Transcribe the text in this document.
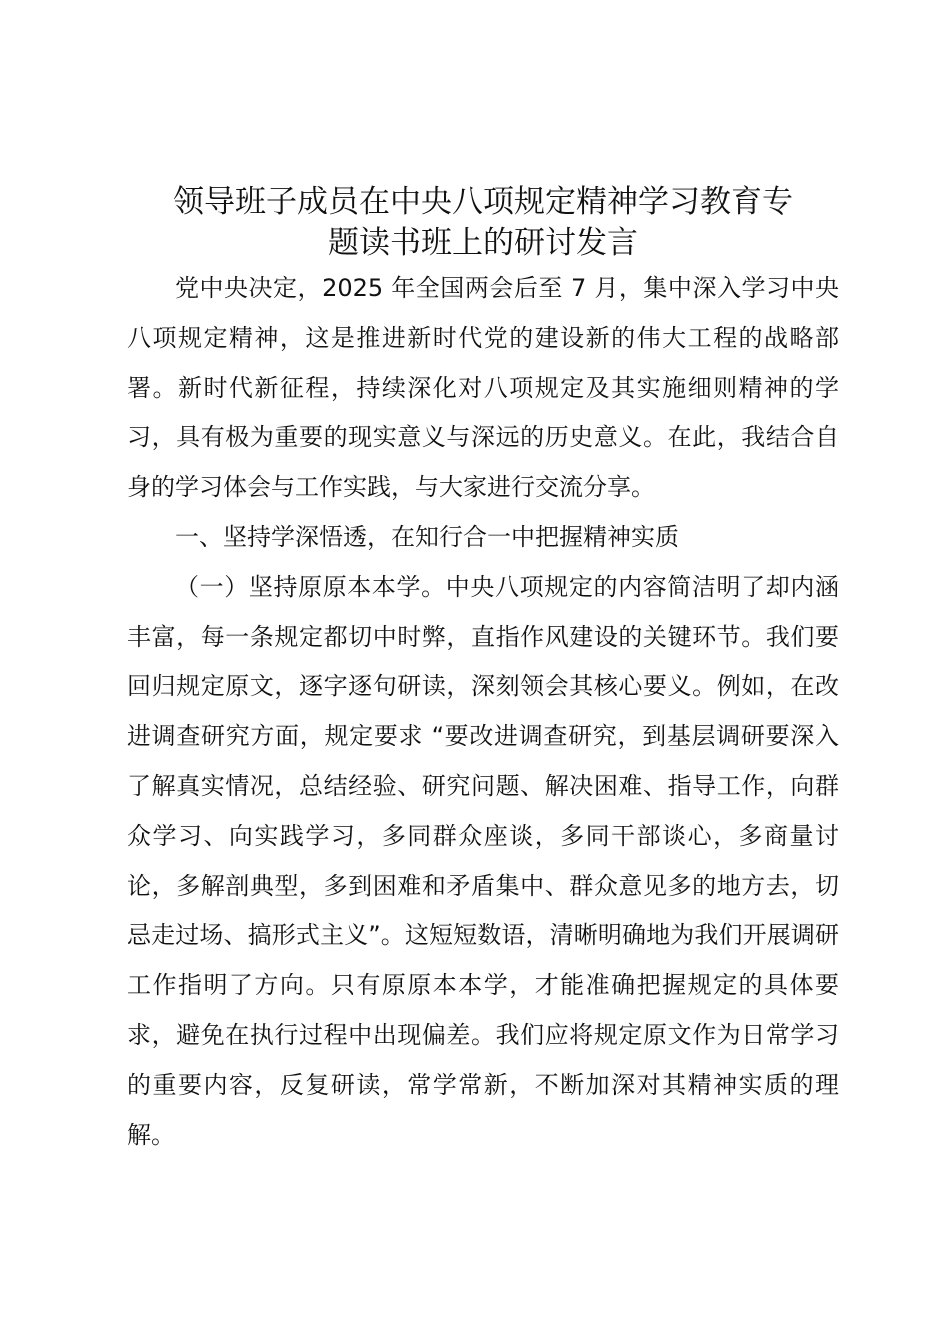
领导班子成员在中央八项规定精神学习教育专
题读书班上的研讨发言

党中央决定，2025 年全国两会后至 7 月，集中深入学习中央八项规定精神，这是推进新时代党的建设新的伟大工程的战略部署。新时代新征程，持续深化对八项规定及其实施细则精神的学习，具有极为重要的现实意义与深远的历史意义。在此，我结合自身的学习体会与工作实践，与大家进行交流分享。

一、坚持学深悟透，在知行合一中把握精神实质

（一）坚持原原本本学。中央八项规定的内容简洁明了却内涵丰富，每一条规定都切中时弊，直指作风建设的关键环节。我们要回归规定原文，逐字逐句研读，深刻领会其核心要义。例如，在改进调查研究方面，规定要求 “要改进调查研究，到基层调研要深入了解真实情况，总结经验、研究问题、解决困难、指导工作，向群众学习、向实践学习，多同群众座谈，多同干部谈心，多商量讨论，多解剖典型，多到困难和矛盾集中、群众意见多的地方去，切忌走过场、搞形式主义”。这短短数语，清晰明确地为我们开展调研工作指明了方向。只有原原本本学，才能准确把握规定的具体要求，避免在执行过程中出现偏差。我们应将规定原文作为日常学习的重要内容，反复研读，常学常新，不断加深对其精神实质的理解。
